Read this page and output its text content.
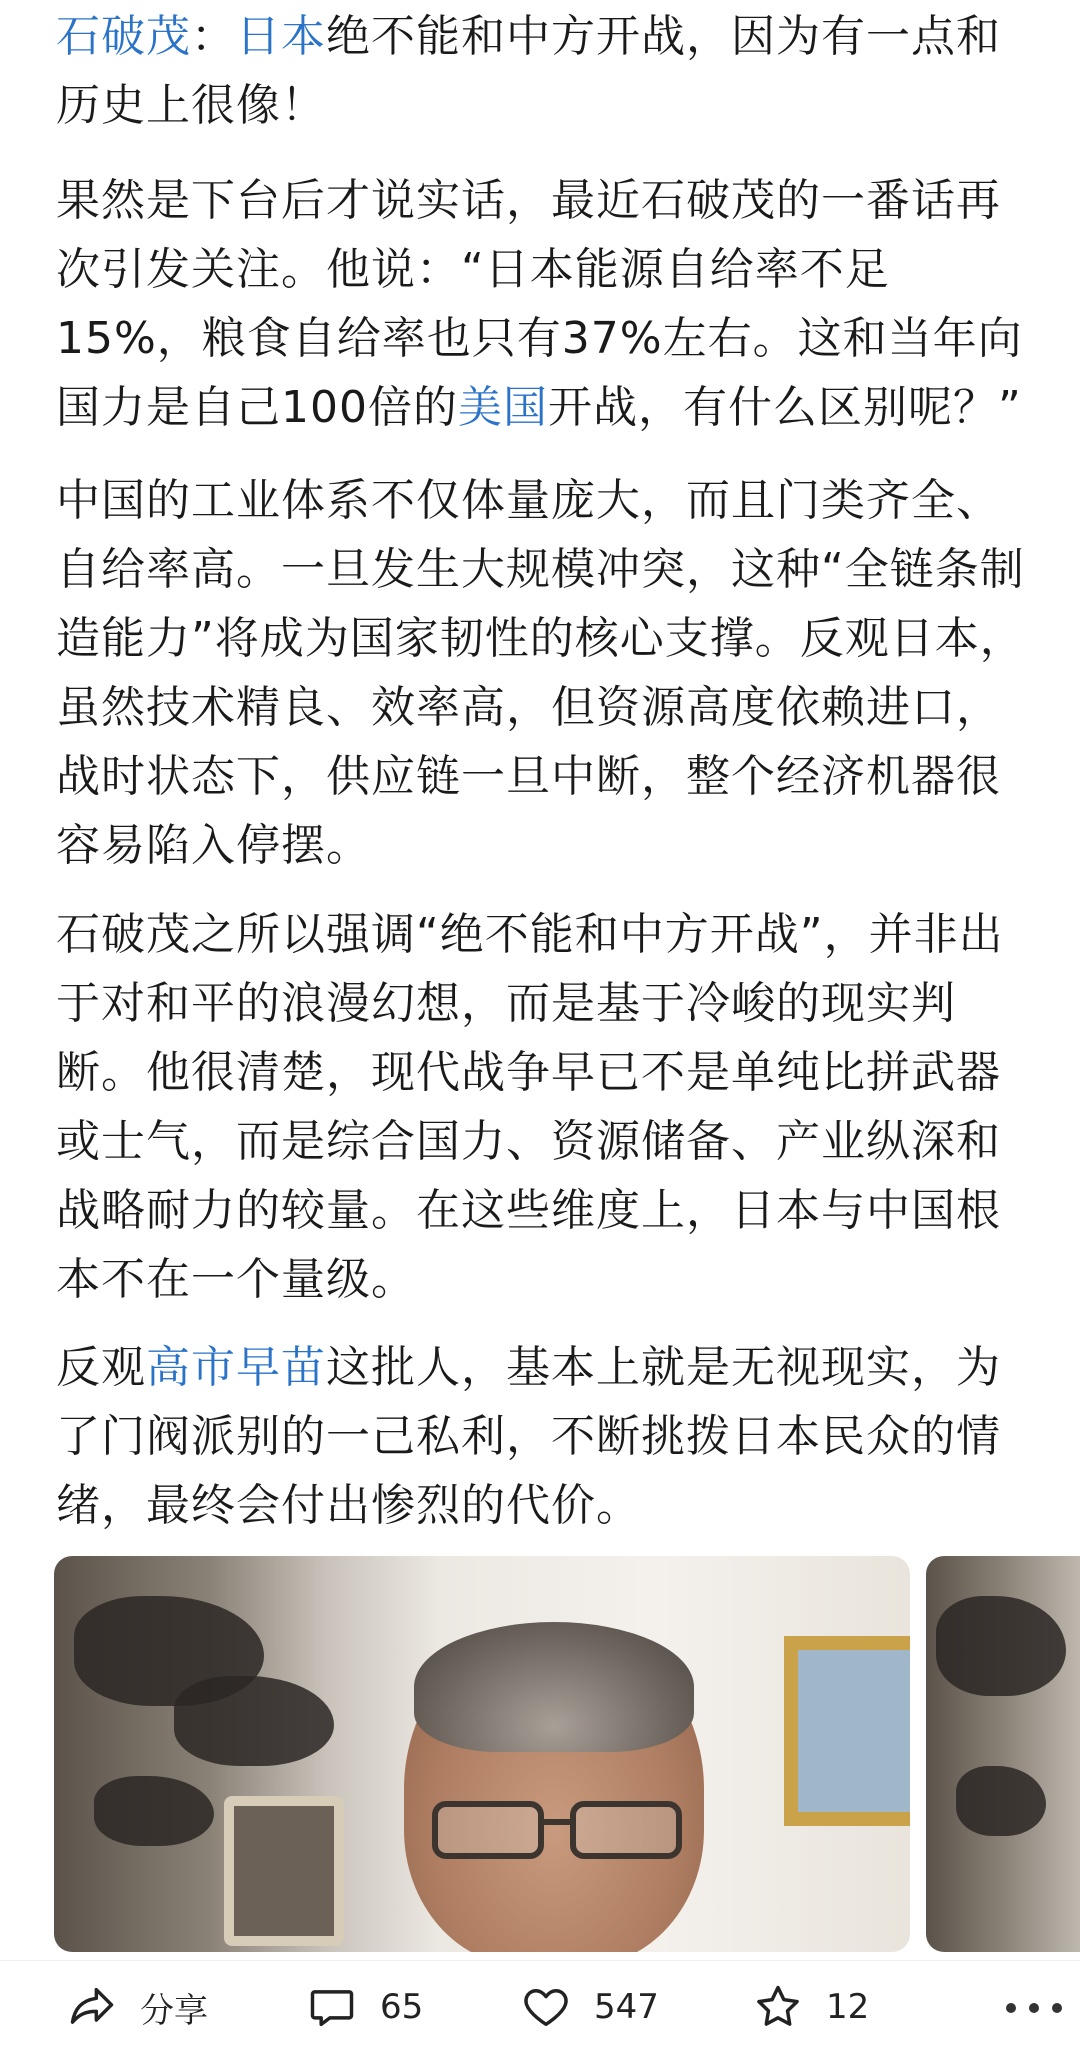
石破茂：日本绝不能和中方开战，因为有一点和历史上很像！

果然是下台后才说实话，最近石破茂的一番话再次引发关注。他说：“日本能源自给率不足15%，粮食自给率也只有37%左右。这和当年向国力是自己100倍的美国开战，有什么区别呢？”

中国的工业体系不仅体量庞大，而且门类齐全、自给率高。一旦发生大规模冲突，这种“全链条制造能力”将成为国家韧性的核心支撑。反观日本，虽然技术精良、效率高，但资源高度依赖进口，战时状态下，供应链一旦中断，整个经济机器很容易陷入停摆。

石破茂之所以强调“绝不能和中方开战”，并非出于对和平的浪漫幻想，而是基于冷峻的现实判断。他很清楚，现代战争早已不是单纯比拼武器或士气，而是综合国力、资源储备、产业纵深和战略耐力的较量。在这些维度上，日本与中国根本不在一个量级。

反观高市早苗这批人，基本上就是无视现实，为了门阀派别的一己私利，不断挑拨日本民众的情绪，最终会付出惨烈的代价。

分享	65	547	12
